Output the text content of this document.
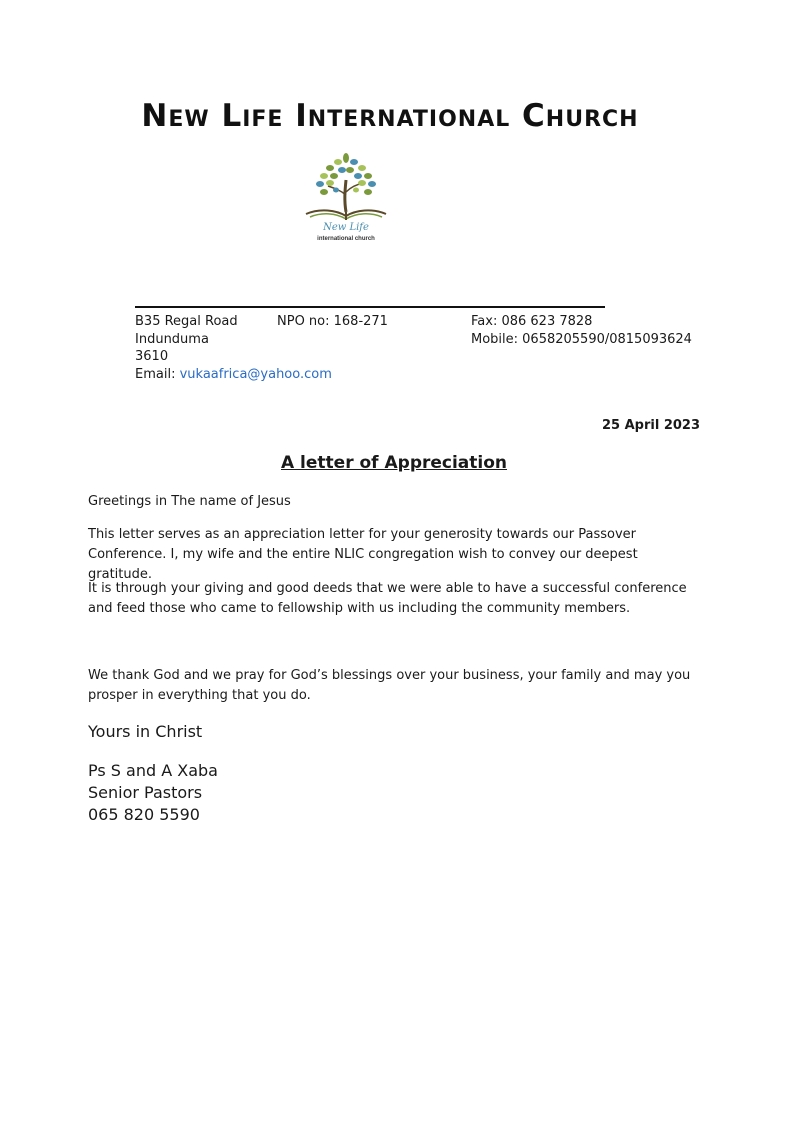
New Life International Church
New Life
international church
B35 Regal Road
Indunduma
3610
Email: vukaafrica@yahoo.com
NPO no: 168-271	Fax: 086 623 7828
Mobile: 0658205590/0815093624
25 April 2023
A letter of Appreciation

Greetings in The name of Jesus

This letter serves as an appreciation letter for your generosity towards our Passover Conference. I, my wife and the entire NLIC congregation wish to convey our deepest gratitude.

It is through your giving and good deeds that we were able to have a successful conference and feed those who came to fellowship with us including the community members.

We thank God and we pray for God’s blessings over your business, your family and may you prosper in everything that you do.

Yours in Christ
Ps S and A Xaba
Senior Pastors
065 820 5590
